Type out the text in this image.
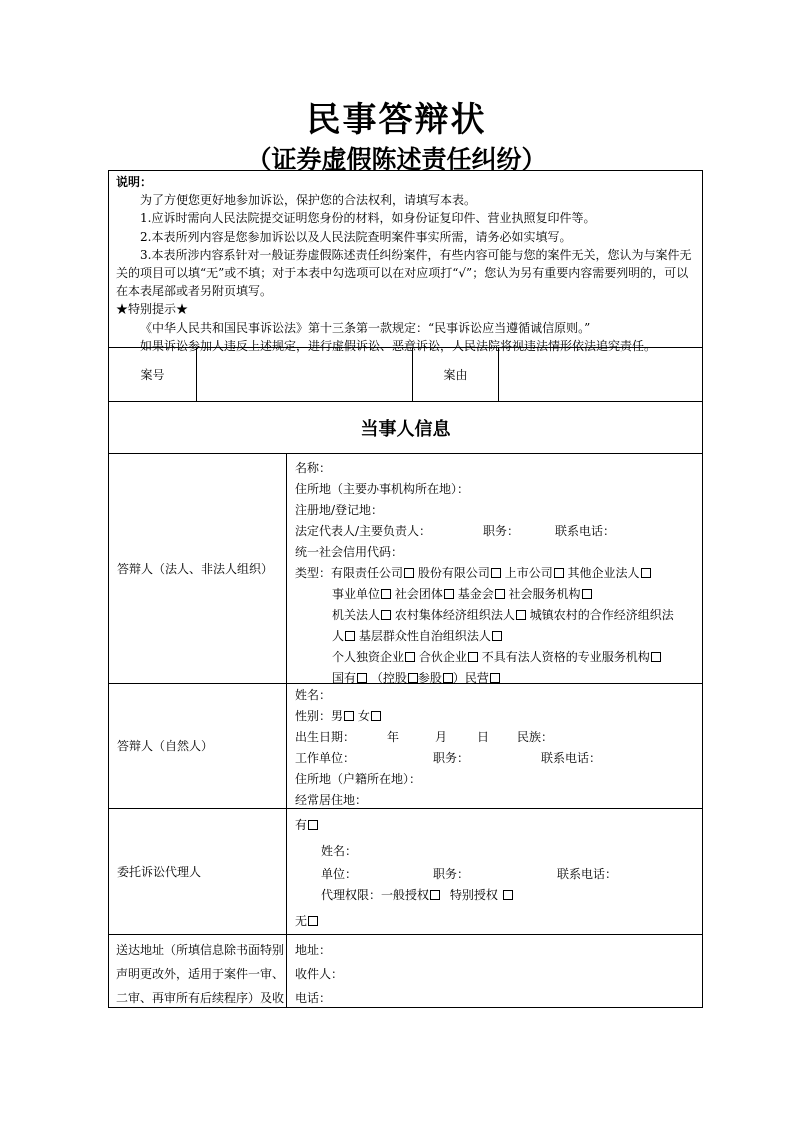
民事答辩状
（证券虚假陈述责任纠纷）

说明：

为了方便您更好地参加诉讼，保护您的合法权利，请填写本表。

1.应诉时需向人民法院提交证明您身份的材料，如身份证复印件、营业执照复印件等。

2.本表所列内容是您参加诉讼以及人民法院查明案件事实所需，请务必如实填写。

3.本表所涉内容系针对一般证券虚假陈述责任纠纷案件，有些内容可能与您的案件无关，您认为与案件无关的项目可以填“无”或不填；对于本表中勾选项可以在对应项打“√”；您认为另有重要内容需要列明的，可以在本表尾部或者另附页填写。

★特别提示★

《中华人民共和国民事诉讼法》第十三条第一款规定：“民事诉讼应当遵循诚信原则。”

如果诉讼参加人违反上述规定，进行虚假诉讼、恶意诉讼，人民法院将视违法情形依法追究责任。

案号	案由
当事人信息
答辩人（法人、非法人组织）
名称：
住所地（主要办事机构所在地）：
注册地/登记地：
法定代表人/主要负责人：	职务：	联系电话：
统一社会信用代码：
类型：有限责任公司 股份有限公司 上市公司 其他企业法人
事业单位 社会团体 基金会 社会服务机构
机关法人 农村集体经济组织法人 城镇农村的合作经济组织法
人 基层群众性自治组织法人
个人独资企业 合伙企业 不具有法人资格的专业服务机构
国有 （控股 参股 ）民营
答辩人（自然人）
姓名：
性别：男 女
出生日期：	年	月 日 民族：
工作单位：	职务：	联系电话：
住所地（户籍所在地）：
经常居住地：
委托诉讼代理人
有
姓名：
单位：	职务：	联系电话：
代理权限：一般授权 特别授权
无
送达地址（所填信息除书面特别
声明更改外，适用于案件一审、
二审、再审所有后续程序）及收
地址：
收件人：
电话：
